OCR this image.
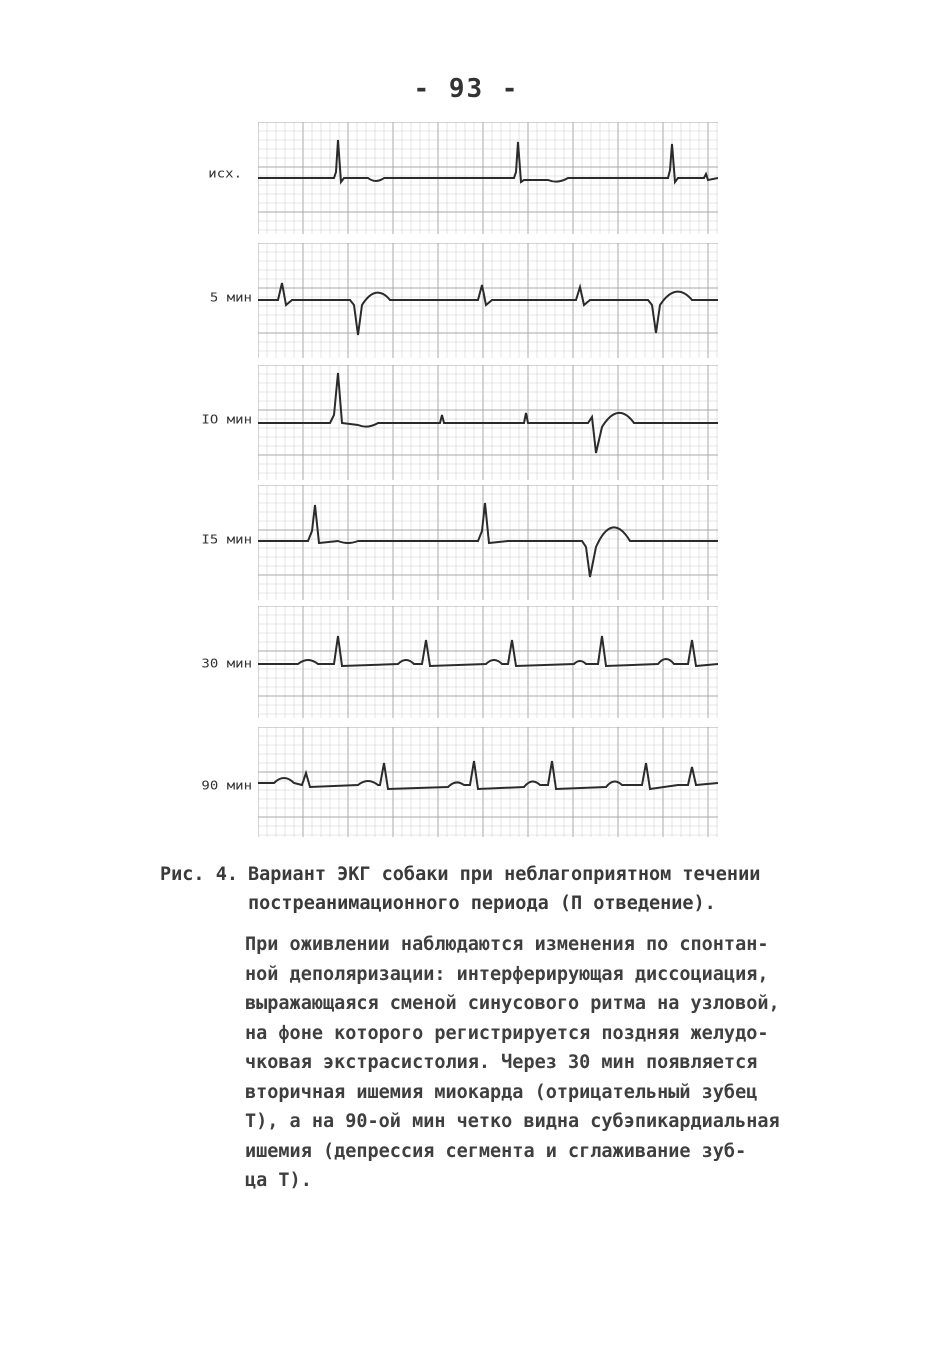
- 93 -
исх.
5 мин
IO мин
I5 мин
30 мин
90 мин
Рис. 4. Вариант ЭКГ собаки при неблагоприятном течении
постреанимационного периода (П отведение).
При оживлении наблюдаются изменения по спонтан-
ной деполяризации: интерферирующая диссоциация,
выражающаяся сменой синусового ритма на узловой,
на фоне которого регистрируется поздняя желудо-
чковая экстрасистолия. Через 30 мин появляется
вторичная ишемия миокарда (отрицательный зубец
Т), а на 90-ой мин четко видна субэпикардиальная
ишемия (депрессия сегмента и сглаживание зуб-
ца Т).
